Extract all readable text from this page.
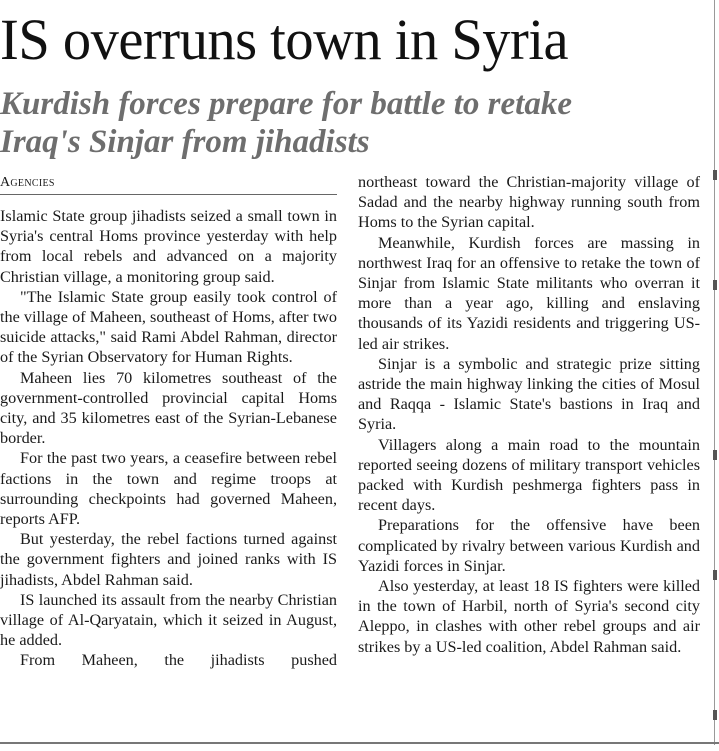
IS overruns town in Syria
Kurdish forces prepare for battle to retake
Iraq's Sinjar from jihadists
Agencies

Islamic State group jihadists seized a small town in Syria's central Homs province yesterday with help from local rebels and advanced on a majority Christian village, a monitoring group said.

"The Islamic State group easily took control of the village of Maheen, southeast of Homs, after two suicide attacks," said Rami Abdel Rahman, director of the Syrian Observatory for Human Rights.

Maheen lies 70 kilometres southeast of the government-controlled provincial capital Homs city, and 35 kilometres east of the Syrian-Lebanese border.

For the past two years, a ceasefire between rebel factions in the town and regime troops at surrounding checkpoints had governed Maheen, reports AFP.

But yesterday, the rebel factions turned against the government fighters and joined ranks with IS jihadists, Abdel Rahman said.

IS launched its assault from the nearby Christian village of Al-Qaryatain, which it seized in August, he added.

From Maheen, the jihadists pushed

northeast toward the Christian-majority village of Sadad and the nearby highway running south from Homs to the Syrian capital.

Meanwhile, Kurdish forces are massing in northwest Iraq for an offensive to retake the town of Sinjar from Islamic State militants who overran it more than a year ago, killing and enslaving thousands of its Yazidi residents and triggering US-led air strikes.

Sinjar is a symbolic and strategic prize sitting astride the main highway linking the cities of Mosul and Raqqa - Islamic State's bastions in Iraq and Syria.

Villagers along a main road to the mountain reported seeing dozens of military transport vehicles packed with Kurdish peshmerga fighters pass in recent days.

Preparations for the offensive have been complicated by rivalry between various Kurdish and Yazidi forces in Sinjar.

Also yesterday, at least 18 IS fighters were killed in the town of Harbil, north of Syria's second city Aleppo, in clashes with other rebel groups and air strikes by a US-led coalition, Abdel Rahman said.
